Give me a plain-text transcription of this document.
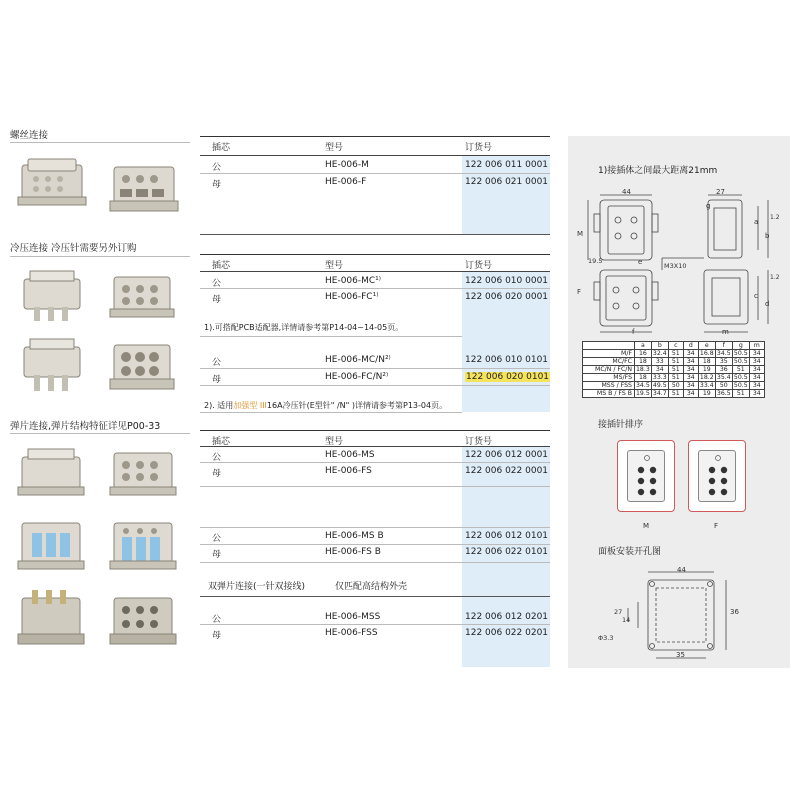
螺丝连接
冷压连接 冷压针需要另外订购
弹片连接,弹片结构特征详见P00-33
插芯	型号	订货号
公	HE-006-M	122 006 011 0001
母	HE-006-F	122 006 021 0001
插芯	型号	订货号
公	HE-006-MC¹⁾	122 006 010 0001
母	HE-006-FC¹⁾	122 006 020 0001
1).可搭配PCB适配器,详情请参考第P14-04~14-05页。
公	HE-006-MC/N²⁾	122 006 010 0101
母	HE-006-FC/N²⁾	122 006 020 0101
2). 适用加强型 III16A冷压针(E型针" /N" )详情请参考第P13-04页。
插芯	型号	订货号
公	HE-006-MS	122 006 012 0001
母	HE-006-FS	122 006 022 0001
公	HE-006-MS B	122 006 012 0101
母	HE-006-FS B	122 006 022 0101
双弹片连接(一针双接线)	仅匹配高结构外壳
公	HE-006-MSS	122 006 012 0201
母	HE-006-FSS	122 006 022 0201
1)接插体之间最大距离21mm
44	27
M
F
19.5
M3X10
e
a
b
c
d
1.2
1.2
f	m
g
	a	b	c	d	e	f	g	m
M/F	16	32.4	51	34	16.8	34.5	50.5	34
MC/FC	18	33	51	34	18	35	50.5	34
MC/N / FC/N	18.3	34	51	34	19	36	51	34
MS/FS	18	33.3	51	34	18.2	35.4	50.5	34
MSS / FSS	34.5	49.5	50	34	33.4	50	50.5	34
MS B / FS B	19.5	34.7	51	34	19	36.5	51	34
接插针排序
M	F
面板安装开孔图
44
35
36
27
14
Φ3.3
